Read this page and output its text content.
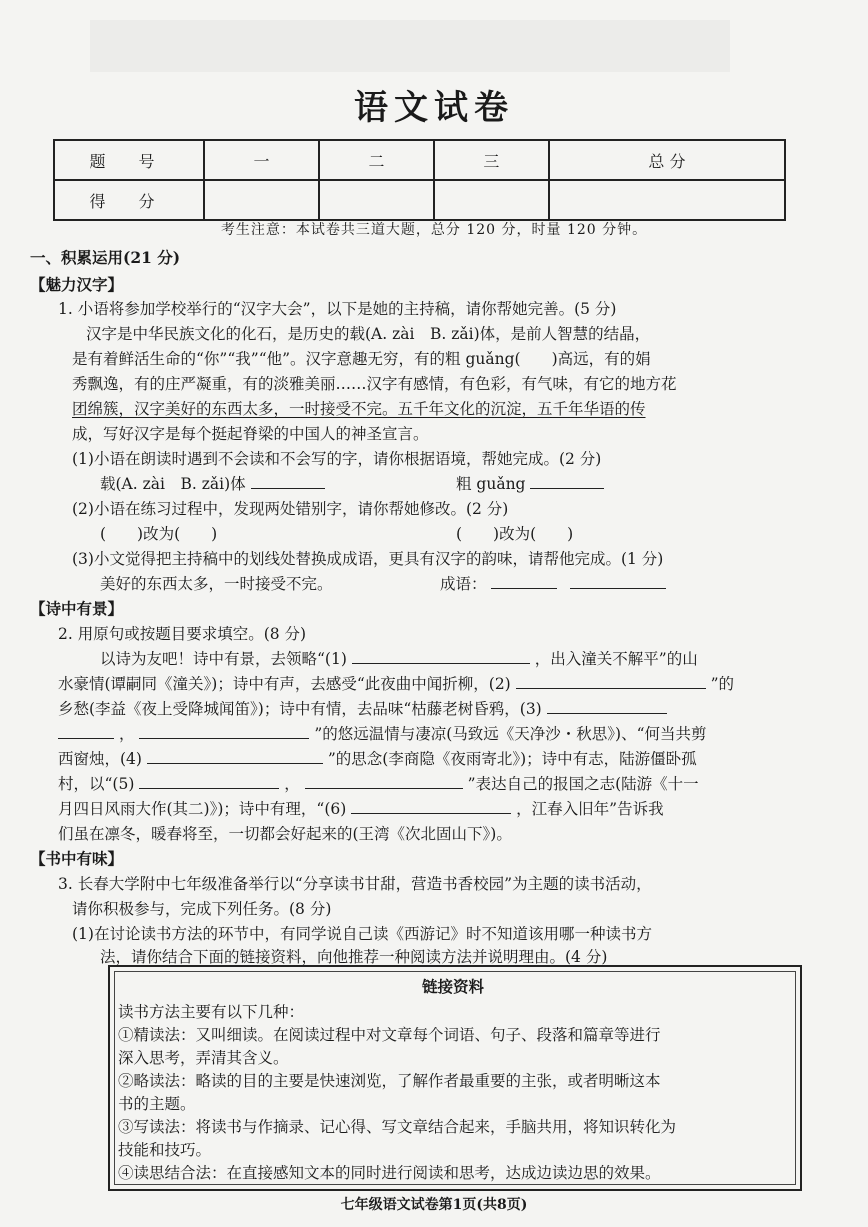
语文试卷
题 号	一	二	三	总 分
得 分				
考生注意：本试卷共三道大题，总分 120 分，时量 120 分钟。
一、积累运用(21 分)
【魅力汉字】
1. 小语将参加学校举行的“汉字大会”，以下是她的主持稿，请你帮她完善。(5 分)
汉字是中华民族文化的化石，是历史的载(A. zài　B. zǎi)体，是前人智慧的结晶，
是有着鲜活生命的“你”“我”“他”。汉字意趣无穷，有的粗 guǎng(　　)高远，有的娟
秀飘逸，有的庄严凝重，有的淡雅美丽……汉字有感情，有色彩，有气味，有它的地方花
团绵簇，汉字美好的东西太多，一时接受不完。五千年文化的沉淀，五千年华语的传
成，写好汉字是每个挺起脊梁的中国人的神圣宣言。
(1)小语在朗读时遇到不会读和不会写的字，请你根据语境，帮她完成。(2 分)
载(A. zài　B. zǎi)体	粗 guǎng
(2)小语在练习过程中，发现两处错别字，请你帮她修改。(2 分)
(　　)改为(　　)	(　　)改为(　　)
(3)小文觉得把主持稿中的划线处替换成成语，更具有汉字的韵味，请帮他完成。(1 分)
美好的东西太多，一时接受不完。	成语：
【诗中有景】
2. 用原句或按题目要求填空。(8 分)
以诗为友吧！诗中有景，去领略“(1)	，出入潼关不解平”的山
水豪情(谭嗣同《潼关》)；诗中有声，去感受“此夜曲中闻折柳，(2)	”的
乡愁(李益《夜上受降城闻笛》)；诗中有情，去品味“枯藤老树昏鸦，(3)
，	”的悠远温情与凄凉(马致远《天净沙・秋思》)、“何当共剪
西窗烛，(4)	”的思念(李商隐《夜雨寄北》)；诗中有志，陆游僵卧孤
村，以“(5)	，	”表达自己的报国之志(陆游《十一
月四日风雨大作(其二)》)；诗中有理，“(6)	，江春入旧年”告诉我
们虽在凛冬，暖春将至，一切都会好起来的(王湾《次北固山下》)。
【书中有味】
3. 长春大学附中七年级准备举行以“分享读书甘甜，营造书香校园”为主题的读书活动，
请你积极参与，完成下列任务。(8 分)
(1)在讨论读书方法的环节中，有同学说自己读《西游记》时不知道该用哪一种读书方
法，请你结合下面的链接资料，向他推荐一种阅读方法并说明理由。(4 分)
链接资料
读书方法主要有以下几种：
①精读法：又叫细读。在阅读过程中对文章每个词语、句子、段落和篇章等进行
深入思考，弄清其含义。
②略读法：略读的目的主要是快速浏览，了解作者最重要的主张，或者明晰这本
书的主题。
③写读法：将读书与作摘录、记心得、写文章结合起来，手脑共用，将知识转化为
技能和技巧。
④读思结合法：在直接感知文本的同时进行阅读和思考，达成边读边思的效果。
七年级语文试卷第1页(共8页)
